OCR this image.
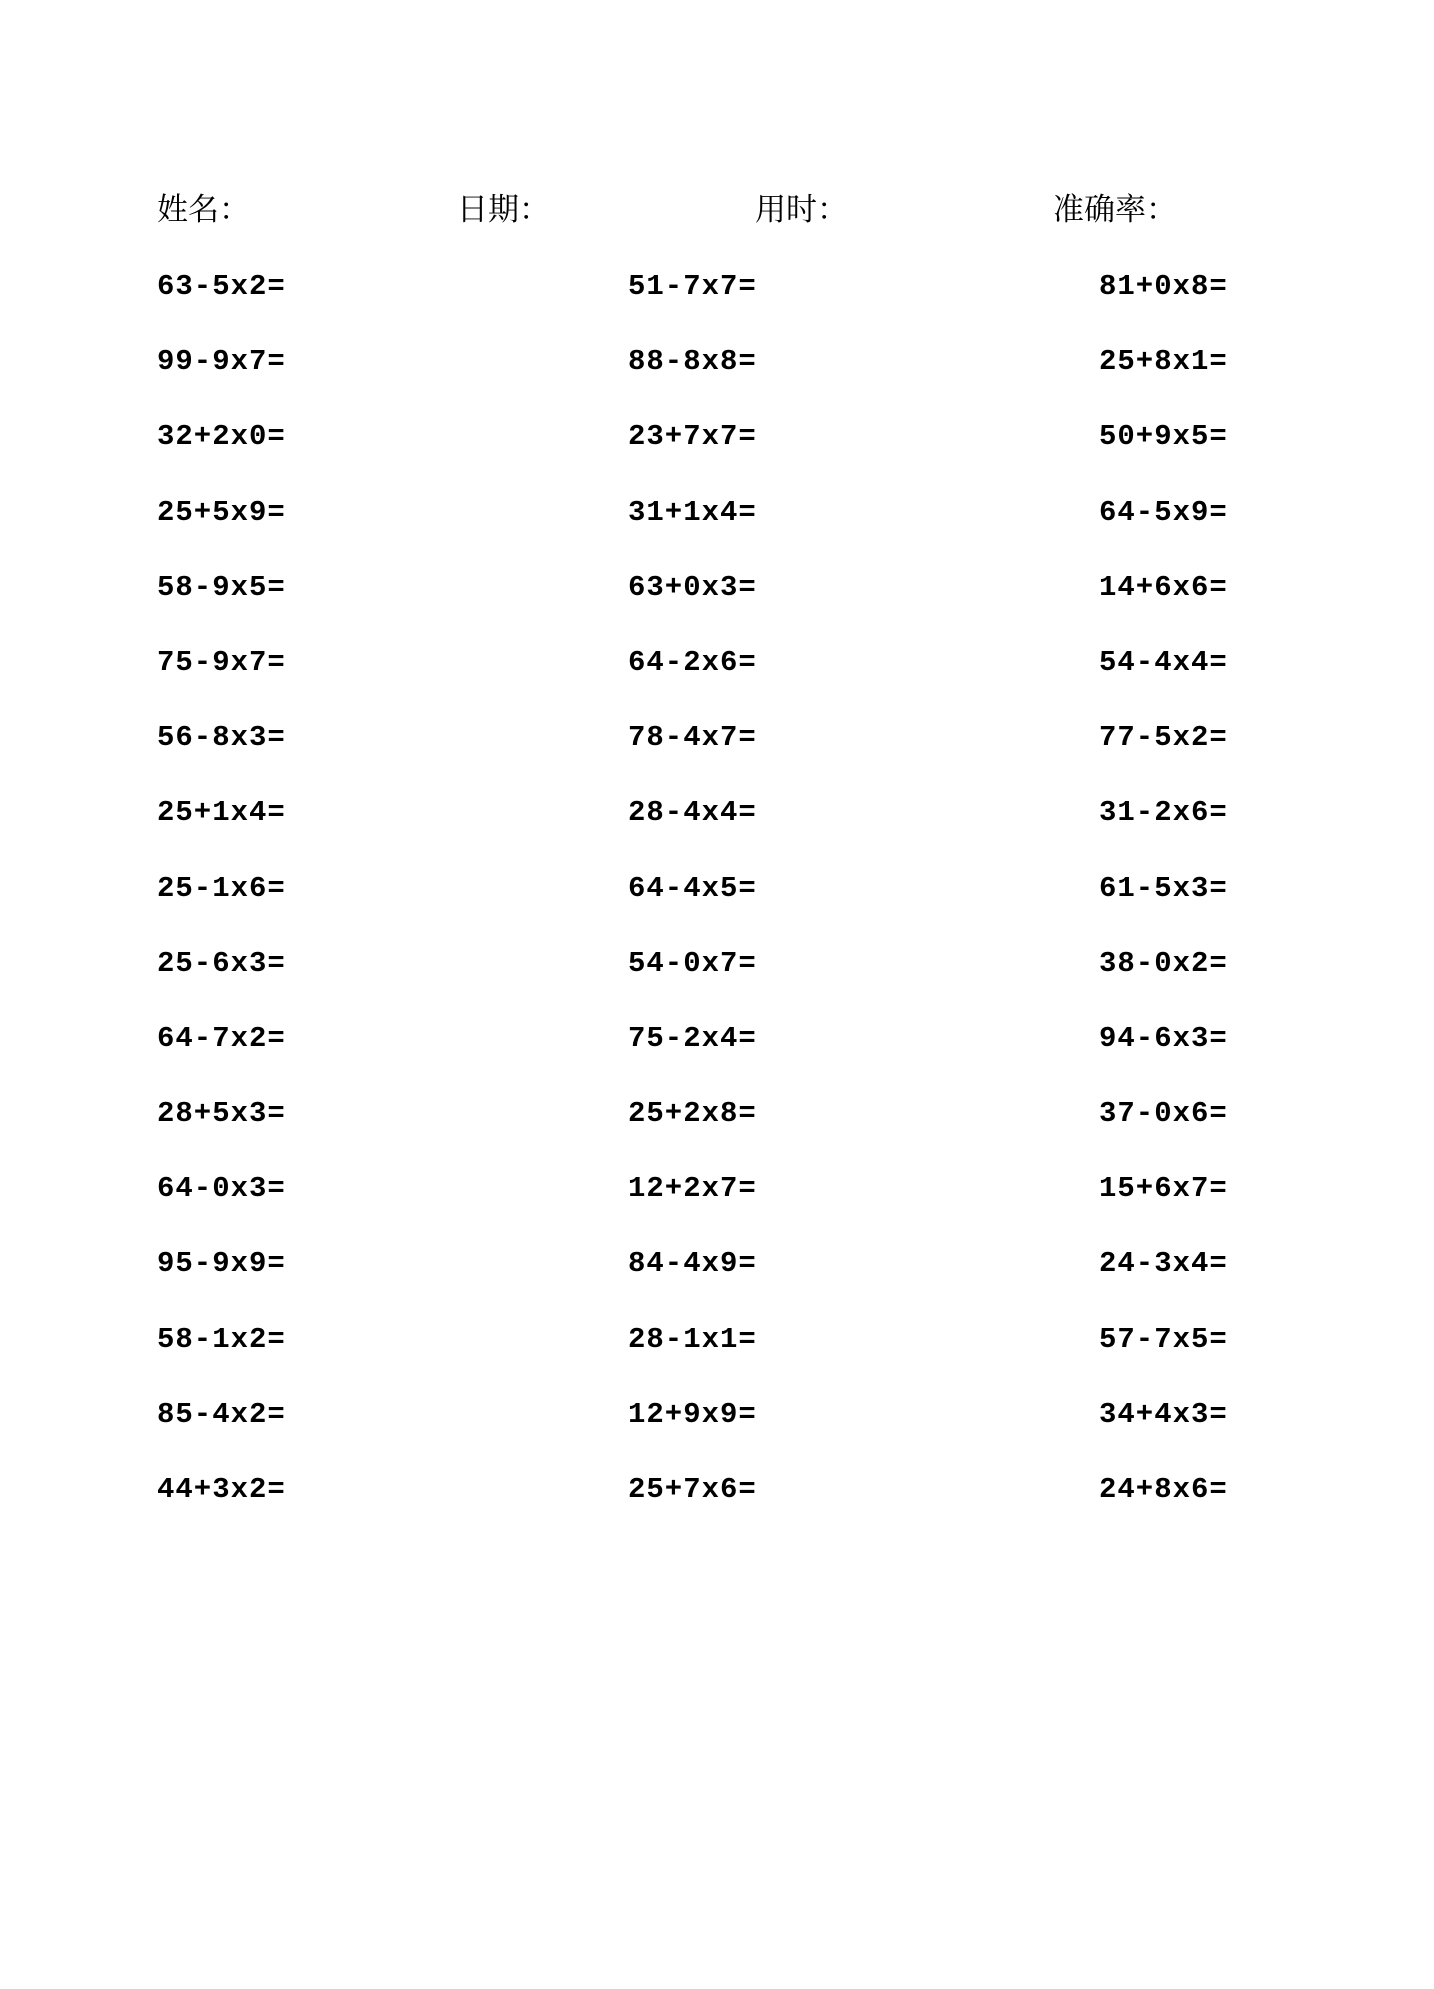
姓名：	日期：	用时：	准确率：
63-5x2=	51-7x7=	81+0x8=
99-9x7=	88-8x8=	25+8x1=
32+2x0=	23+7x7=	50+9x5=
25+5x9=	31+1x4=	64-5x9=
58-9x5=	63+0x3=	14+6x6=
75-9x7=	64-2x6=	54-4x4=
56-8x3=	78-4x7=	77-5x2=
25+1x4=	28-4x4=	31-2x6=
25-1x6=	64-4x5=	61-5x3=
25-6x3=	54-0x7=	38-0x2=
64-7x2=	75-2x4=	94-6x3=
28+5x3=	25+2x8=	37-0x6=
64-0x3=	12+2x7=	15+6x7=
95-9x9=	84-4x9=	24-3x4=
58-1x2=	28-1x1=	57-7x5=
85-4x2=	12+9x9=	34+4x3=
44+3x2=	25+7x6=	24+8x6=
